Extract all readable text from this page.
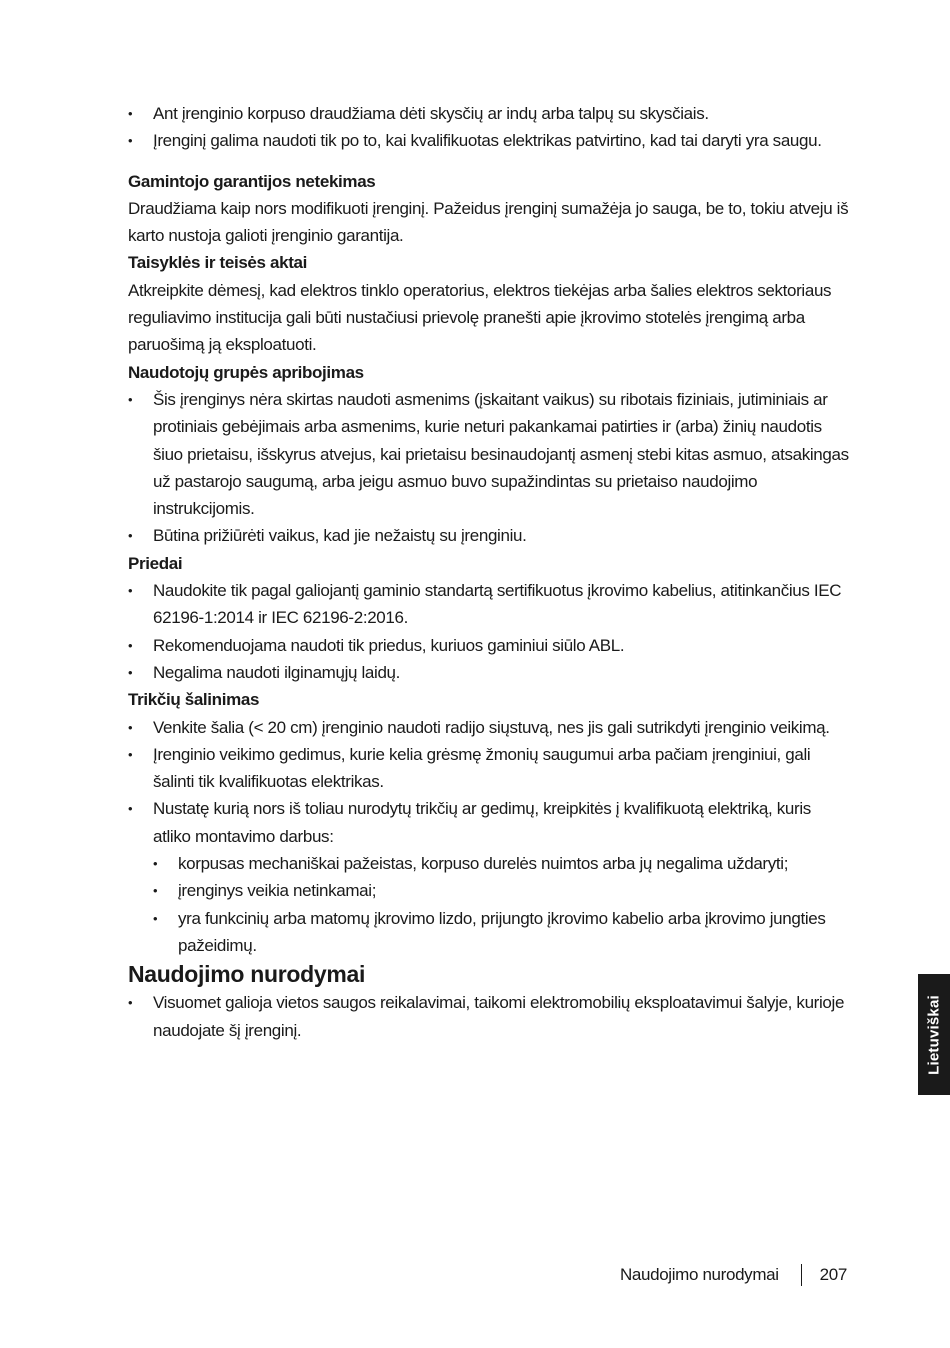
• Ant įrenginio korpuso draudžiama dėti skysčių ar indų arba talpų su skysčiais.
• Įrenginį galima naudoti tik po to, kai kvalifikuotas elektrikas patvirtino, kad tai daryti yra saugu.

Gamintojo garantijos netekimas

Draudžiama kaip nors modifikuoti įrenginį. Pažeidus įrenginį sumažėja jo sauga, be to, tokiu atveju iš karto nustoja galioti įrenginio garantija.

Taisyklės ir teisės aktai

Atkreipkite dėmesį, kad elektros tinklo operatorius, elektros tiekėjas arba šalies elektros sektoriaus reguliavimo institucija gali būti nustačiusi prievolę pranešti apie įkrovimo stotelės įrengimą arba paruošimą ją eksploatuoti.

Naudotojų grupės apribojimas

• Šis įrenginys nėra skirtas naudoti asmenims (įskaitant vaikus) su ribotais fiziniais, jutiminiais ar protiniais gebėjimais arba asmenims, kurie neturi pakankamai patirties ir (arba) žinių naudotis šiuo prietaisu, išskyrus atvejus, kai prietaisu besinaudojantį asmenį stebi kitas asmuo, atsakingas už pastarojo saugumą, arba jeigu asmuo buvo supažindintas su prietaiso naudojimo instrukcijomis.
• Būtina prižiūrėti vaikus, kad jie nežaistų su įrenginiu.

Priedai

• Naudokite tik pagal galiojantį gaminio standartą sertifikuotus įkrovimo kabelius, atitinkančius IEC 62196-1:2014 ir IEC 62196-2:2016.
• Rekomenduojama naudoti tik priedus, kuriuos gaminiui siūlo ABL.
• Negalima naudoti ilginamųjų laidų.

Trikčių šalinimas

• Venkite šalia (< 20 cm) įrenginio naudoti radijo siųstuvą, nes jis gali sutrikdyti įrenginio veikimą.
• Įrenginio veikimo gedimus, kurie kelia grėsmę žmonių saugumui arba pačiam įrenginiui, gali šalinti tik kvalifikuotas elektrikas.
• Nustatę kurią nors iš toliau nurodytų trikčių ar gedimų, kreipkitės į kvalifikuotą elektriką, kuris atliko montavimo darbus:
• korpusas mechaniškai pažeistas, korpuso durelės nuimtos arba jų negalima uždaryti;
• įrenginys veikia netinkamai;
• yra funkcinių arba matomų įkrovimo lizdo, prijungto įkrovimo kabelio arba įkrovimo jungties pažeidimų.

Naudojimo nurodymai

• Visuomet galioja vietos saugos reikalavimai, taikomi elektromobilių eksploatavimui šalyje, kurioje naudojate šį įrenginį.	Lietuviškai
Naudojimo nurodymai 207
